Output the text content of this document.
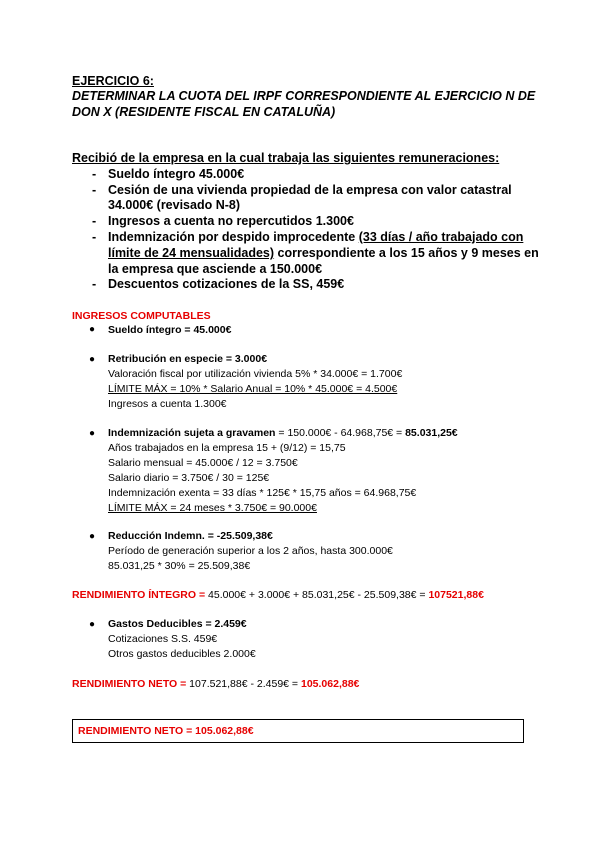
EJERCICIO 6:
DETERMINAR LA CUOTA DEL IRPF CORRESPONDIENTE AL EJERCICIO N DE
DON X (RESIDENTE FISCAL EN CATALUÑA)
Recibió de la empresa en la cual trabaja las siguientes remuneraciones:
- Sueldo íntegro 45.000€
- Cesión de una vivienda propiedad de la empresa con valor catastral
34.000€ (revisado N-8)
- Ingresos a cuenta no repercutidos 1.300€
- Indemnización por despido improcedente (33 días / año trabajado con
límite de 24 mensualidades) correspondiente a los 15 años y 9 meses en
la empresa que asciende a 150.000€
- Descuentos cotizaciones de la SS, 459€
INGRESOS COMPUTABLES
● Sueldo íntegro = 45.000€
● Retribución en especie = 3.000€
Valoración fiscal por utilización vivienda 5% * 34.000€ = 1.700€
LÍMITE MÁX = 10% * Salario Anual = 10% * 45.000€ = 4.500€
Ingresos a cuenta 1.300€
● Indemnización sujeta a gravamen = 150.000€ - 64.968,75€ = 85.031,25€
Años trabajados en la empresa 15 + (9/12) = 15,75
Salario mensual = 45.000€ / 12 = 3.750€
Salario diario = 3.750€ / 30 = 125€
Indemnización exenta = 33 días * 125€ * 15,75 años = 64.968,75€
LÍMITE MÁX = 24 meses * 3.750€ = 90.000€
● Reducción Indemn. = -25.509,38€
Período de generación superior a los 2 años, hasta 300.000€
85.031,25 * 30% = 25.509,38€
RENDIMIENTO ÍNTEGRO = 45.000€ + 3.000€ + 85.031,25€ - 25.509,38€ = 107521,88€
● Gastos Deducibles = 2.459€
Cotizaciones S.S. 459€
Otros gastos deducibles 2.000€
RENDIMIENTO NETO = 107.521,88€ - 2.459€ = 105.062,88€
RENDIMIENTO NETO = 105.062,88€
